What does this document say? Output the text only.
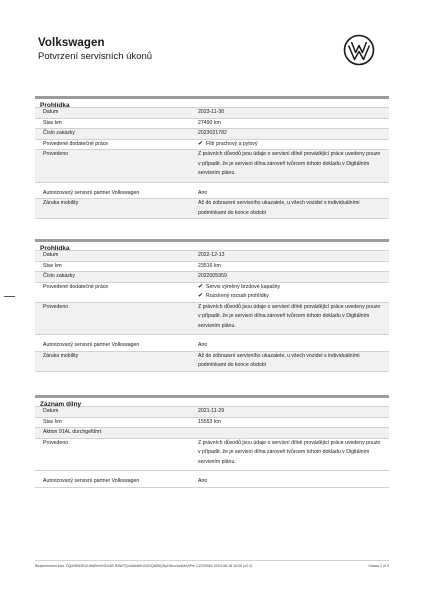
Volkswagen
Potvrzení servisních úkonů
Prohlídka
Datum	2023-11-30
Stav km	27490 km
Číslo zakázky	2023021782
Provedené dodatečné práce	✔ Filtr prachový a pylový
Provedeno	Z právních důvodů jsou údaje o servisní dílně provádějící práce uvedeny pouze v případě, že je servisní dílna zároveň tvůrcem tohoto dokladu v Digitálním servisním plánu.
Autorizovaný servisní partner Volkswagen	Ano
Záruka mobility	Až do zobrazení servisního ukazatele, u všech vozidel s individuálními podmínkami do konce období
Prohlídka
Datum	2022-12-13
Stav km	23516 km
Číslo zakázky	2022005959
Provedené dodatečné práce	✔ Servis výměny brzdové kapaliny
✔ Rozsírený rozsah prohlídky
Provedeno	Z právních důvodů jsou údaje o servisní dílně provádějící práce uvedeny pouze v případě, že je servisní dílna zároveň tvůrcem tohoto dokladu v Digitálním servisním plánu.
Autorizovaný servisní partner Volkswagen	Ano
Záruka mobility	Až do zobrazení servisního ukazatele, u všech vozidel s individuálními podmínkami do konce období
Záznam dílny
Datum	2021-11-29
Stav km	15553 km
Aktion 91AL durchgeführt
Provedeno	Z právních důvodů jsou údaje o servisní dílně provádějící práce uvedeny pouze v případě, že je servisní dílna zároveň tvůrcem tohoto dokladu v Digitálním servisním plánu.
Autorizovaný servisní partner Volkswagen	Ano
Bezpečnostní kód: ZQp0I5N3KUUH6BmVNCb4B RAWTQ/v5Ah8Ib154GQk6BQNyDNxuVa4MA/fPm CZ229360 2024-08-18 10:06 (v2.2)	Strana 2 of 3
